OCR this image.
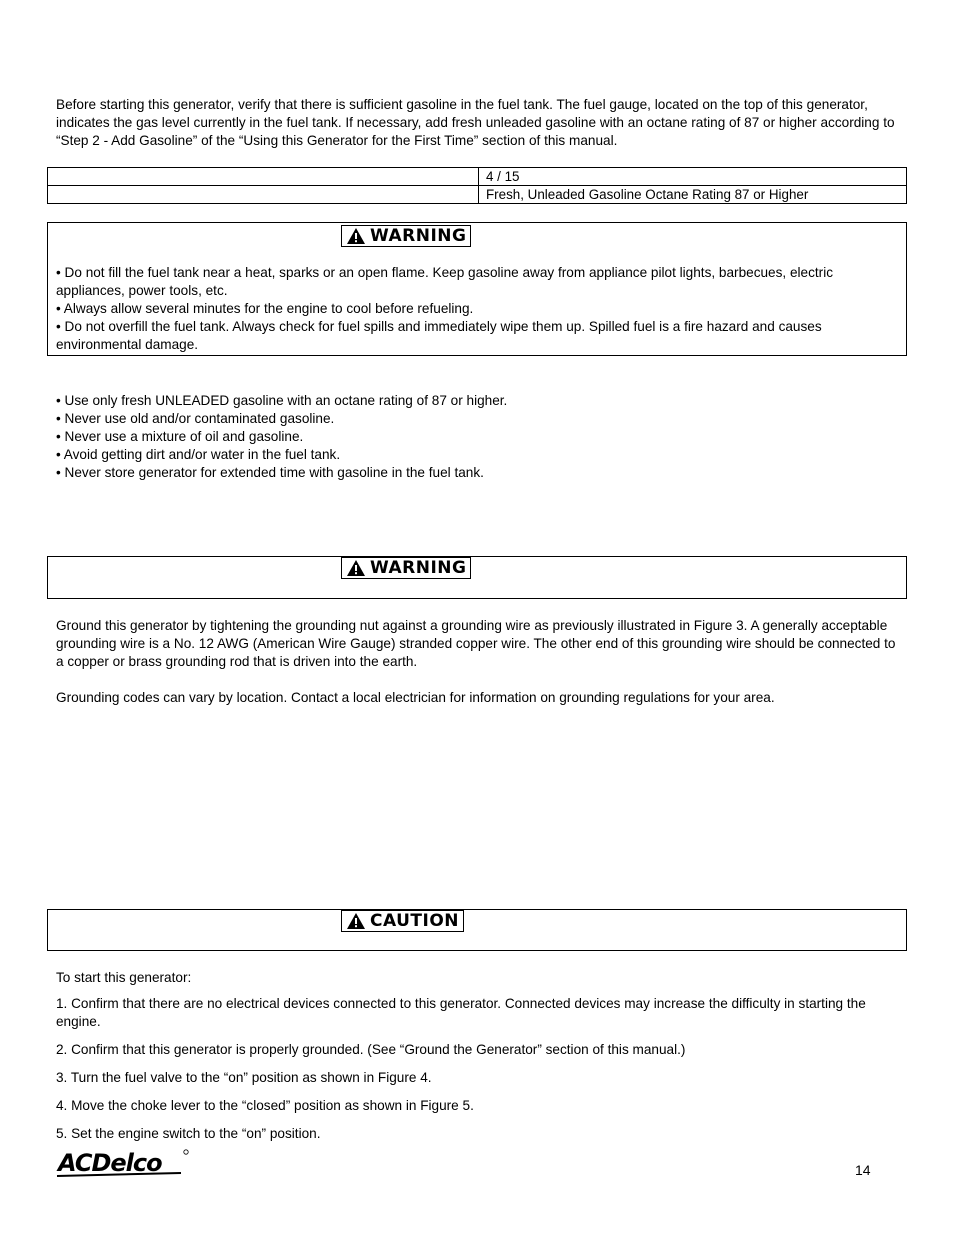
Before starting this generator, verify that there is sufficient gasoline in the fuel tank. The fuel gauge, located on the top of this generator, indicates the gas level currently in the fuel tank. If necessary, add fresh unleaded gasoline with an octane rating of 87 or higher according to “Step 2 - Add Gasoline” of the “Using this Generator for the First Time” section of this manual.
	4 / 15
	Fresh, Unleaded Gasoline Octane Rating 87 or Higher
WARNING

• Do not fill the fuel tank near a heat, sparks or an open flame. Keep gasoline away from appliance pilot lights, barbecues, electric appliances, power tools, etc.

• Always allow several minutes for the engine to cool before refueling.

• Do not overfill the fuel tank. Always check for fuel spills and immediately wipe them up. Spilled fuel is a fire hazard and causes environmental damage.

• Use only fresh UNLEADED gasoline with an octane rating of 87 or higher.

• Never use old and/or contaminated gasoline.

• Never use a mixture of oil and gasoline.

• Avoid getting dirt and/or water in the fuel tank.

• Never store generator for extended time with gasoline in the fuel tank.

WARNING
Ground this generator by tightening the grounding nut against a grounding wire as previously illustrated in Figure 3. A generally acceptable grounding wire is a No. 12 AWG (American Wire Gauge) stranded copper wire. The other end of this grounding wire should be connected to a copper or brass grounding rod that is driven into the earth.
Grounding codes can vary by location. Contact a local electrician for information on grounding regulations for your area.
CAUTION

To start this generator:

1. Confirm that there are no electrical devices connected to this generator. Connected devices may increase the difficulty in starting the engine.

2. Confirm that this generator is properly grounded. (See “Ground the Generator” section of this manual.)

3. Turn the fuel valve to the “on” position as shown in Figure 4.

4. Move the choke lever to the “closed” position as shown in Figure 5.

5. Set the engine switch to the “on” position.

ACDelco	14
